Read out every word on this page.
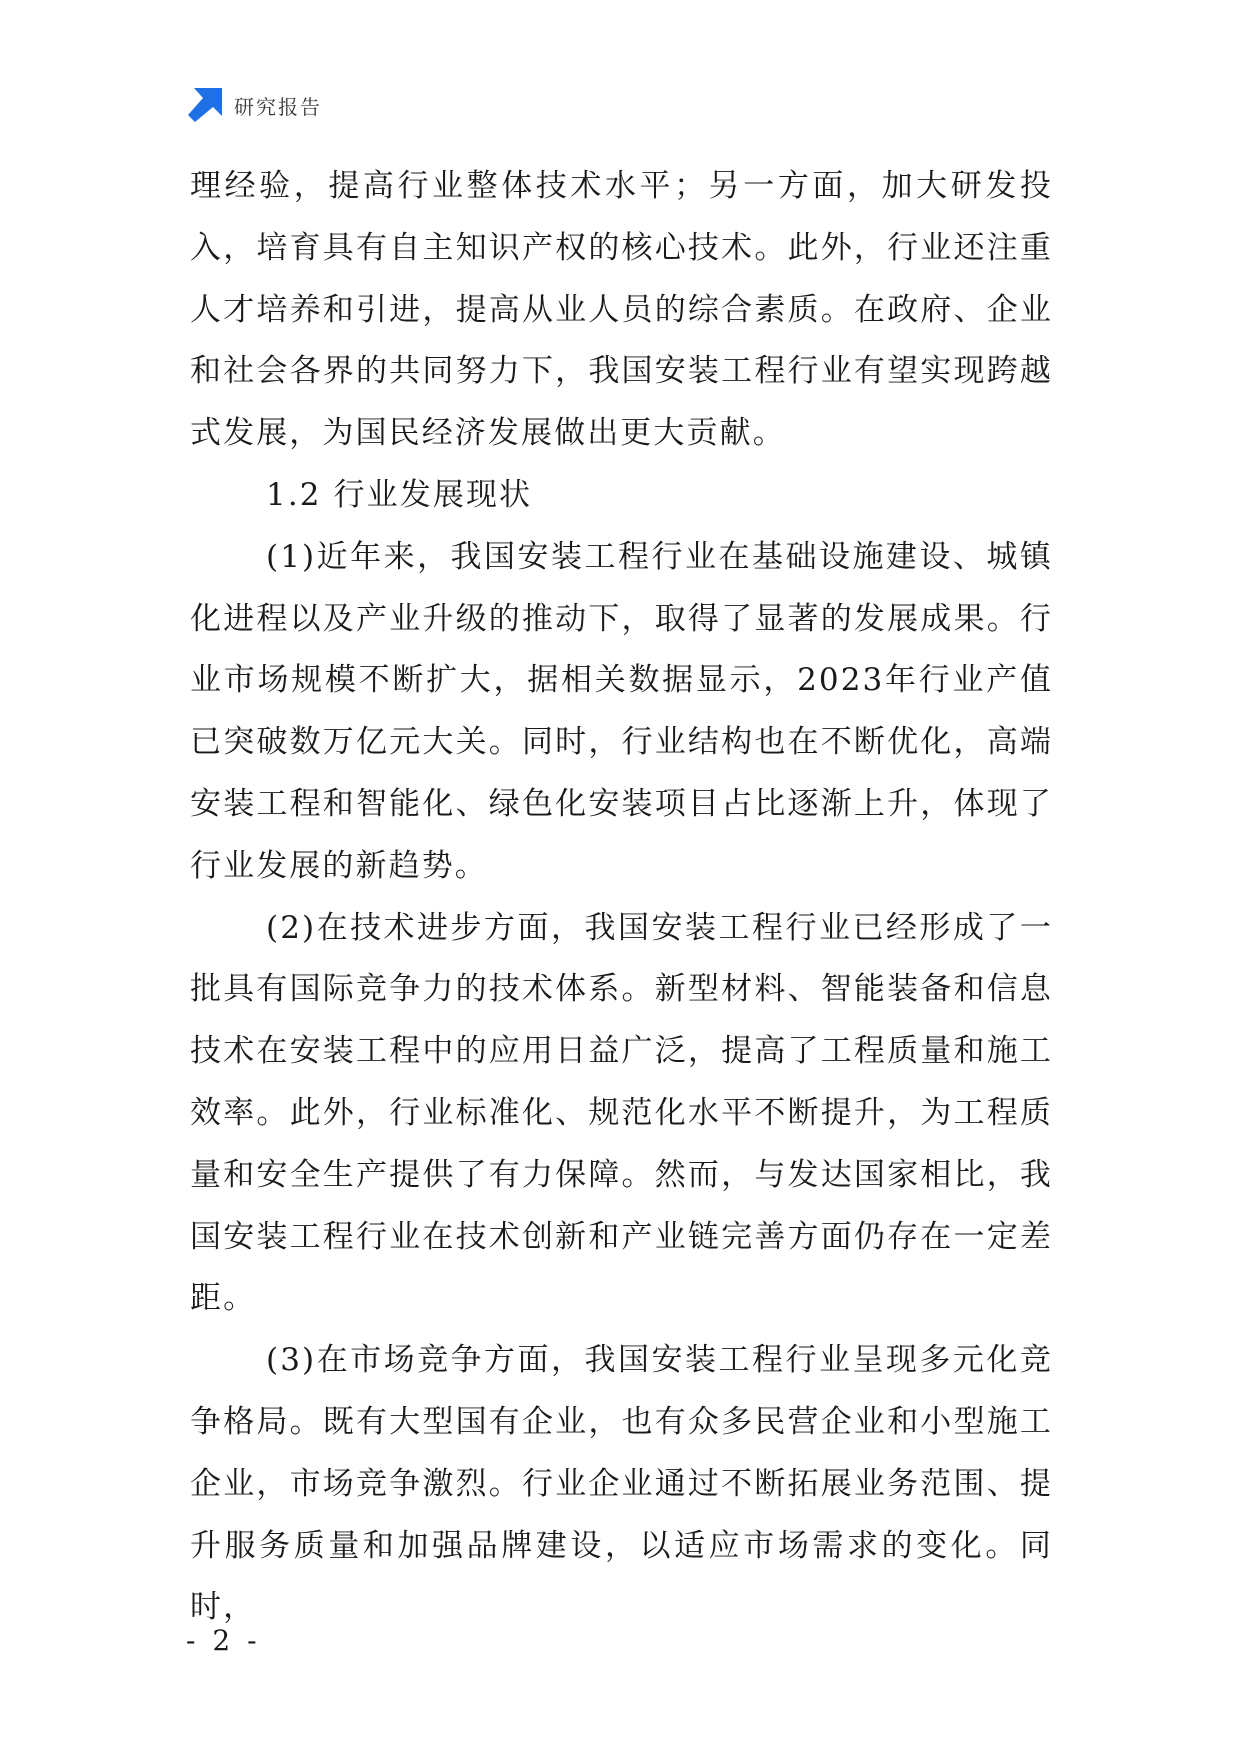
研究报告

理经验，提高行业整体技术水平；另一方面，加大研发投入，培育具有自主知识产权的核心技术。此外，行业还注重人才培养和引进，提高从业人员的综合素质。在政府、企业和社会各界的共同努力下，我国安装工程行业有望实现跨越式发展，为国民经济发展做出更大贡献。

1.2 行业发展现状

(1)近年来，我国安装工程行业在基础设施建设、城镇化进程以及产业升级的推动下，取得了显著的发展成果。行业市场规模不断扩大，据相关数据显示，2023年行业产值已突破数万亿元大关。同时，行业结构也在不断优化，高端安装工程和智能化、绿色化安装项目占比逐渐上升，体现了行业发展的新趋势。

(2)在技术进步方面，我国安装工程行业已经形成了一批具有国际竞争力的技术体系。新型材料、智能装备和信息技术在安装工程中的应用日益广泛，提高了工程质量和施工效率。此外，行业标准化、规范化水平不断提升，为工程质量和安全生产提供了有力保障。然而，与发达国家相比，我国安装工程行业在技术创新和产业链完善方面仍存在一定差距。

(3)在市场竞争方面，我国安装工程行业呈现多元化竞争格局。既有大型国有企业，也有众多民营企业和小型施工企业，市场竞争激烈。行业企业通过不断拓展业务范围、提升服务质量和加强品牌建设，以适应市场需求的变化。同时，

- 2 -
